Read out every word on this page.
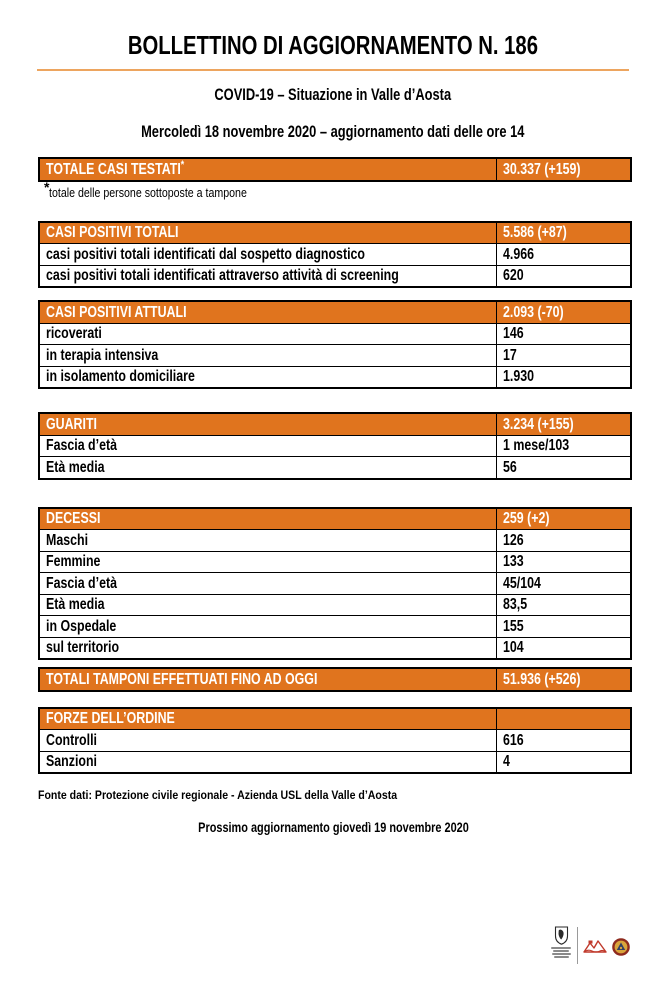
BOLLETTINO DI AGGIORNAMENTO N. 186
COVID-19 – Situazione in Valle d’Aosta
Mercoledì 18 novembre 2020 – aggiornamento dati delle ore 14
TOTALE CASI TESTATI*	30.337 (+159)
*totale delle persone sottoposte a tampone
CASI POSITIVI TOTALI	5.586 (+87)
casi positivi totali identificati dal sospetto diagnostico	4.966
casi positivi totali identificati attraverso attività di screening	620
CASI POSITIVI ATTUALI	2.093 (-70)
ricoverati	146
in terapia intensiva	17
in isolamento domiciliare	1.930
GUARITI	3.234 (+155)
Fascia d’età	1 mese/103
Età media	56
DECESSI	259 (+2)
Maschi	126
Femmine	133
Fascia d’età	45/104
Età media	83,5
in Ospedale	155
sul territorio	104
TOTALI TAMPONI EFFETTUATI FINO AD OGGI	51.936 (+526)
FORZE DELL’ORDINE	
Controlli	616
Sanzioni	4
Fonte dati: Protezione civile regionale - Azienda USL della Valle d’Aosta
Prossimo aggiornamento giovedì 19 novembre 2020
